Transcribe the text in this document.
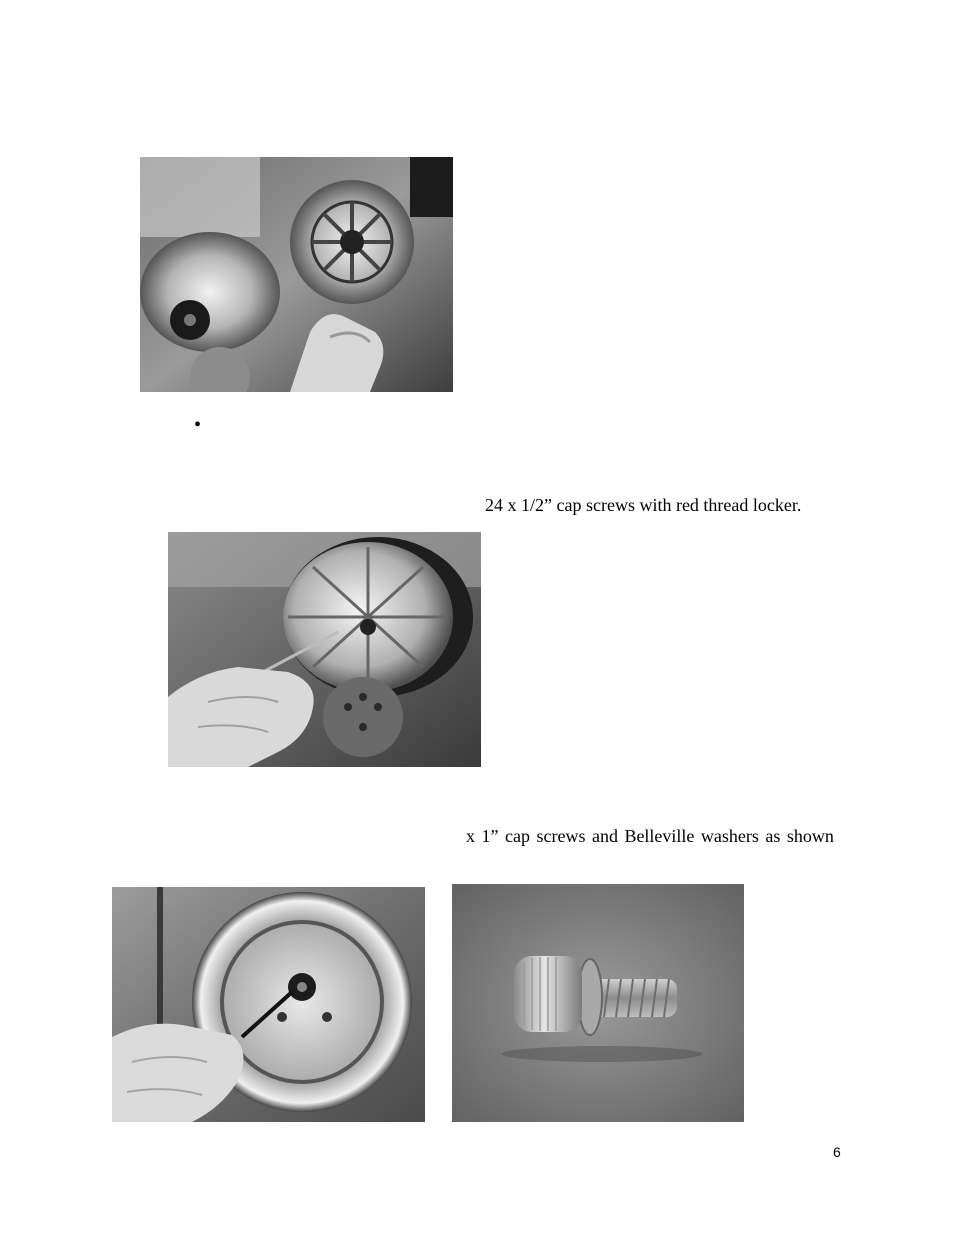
•
24 x 1/2” cap screws with red thread locker.
x 1” cap screws and Belleville washers as shown
6
